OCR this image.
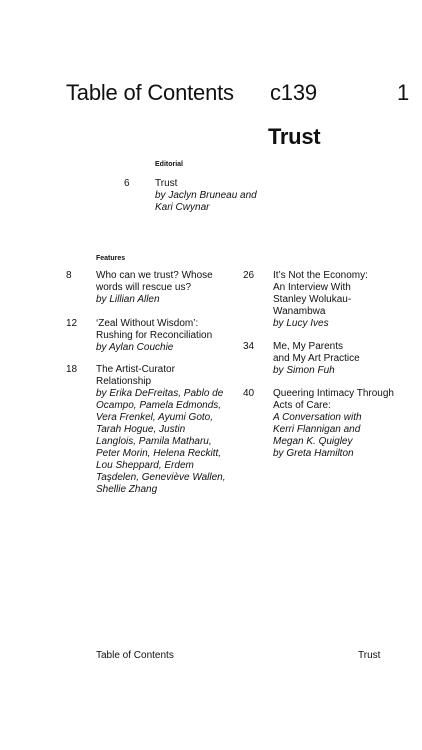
Table of Contents c139	1
Trust
Editorial
6	Trust
by Jaclyn Bruneau and
Kari Cwynar
Features
8 Who can we trust? Whose
words will rescue us?
by Lillian Allen
12 ‘Zeal Without Wisdom’:
Rushing for Reconciliation
by Aylan Couchie
18 The Artist-Curator
Relationship
by Erika DeFreitas, Pablo de
Ocampo, Pamela Edmonds,
Vera Frenkel, Ayumi Goto,
Tarah Hogue, Justin
Langlois, Pamila Matharu,
Peter Morin, Helena Reckitt,
Lou Sheppard, Erdem
Taşdelen, Geneviève Wallen,
Shellie Zhang
26 It’s Not the Economy:
An Interview With
Stanley Wolukau-
Wanambwa
by Lucy Ives
34 Me, My Parents
and My Art Practice
by Simon Fuh
40 Queering Intimacy Through
Acts of Care:
A Conversation with
Kerri Flannigan and
Megan K. Quigley
by Greta Hamilton
Table of Contents	Trust
